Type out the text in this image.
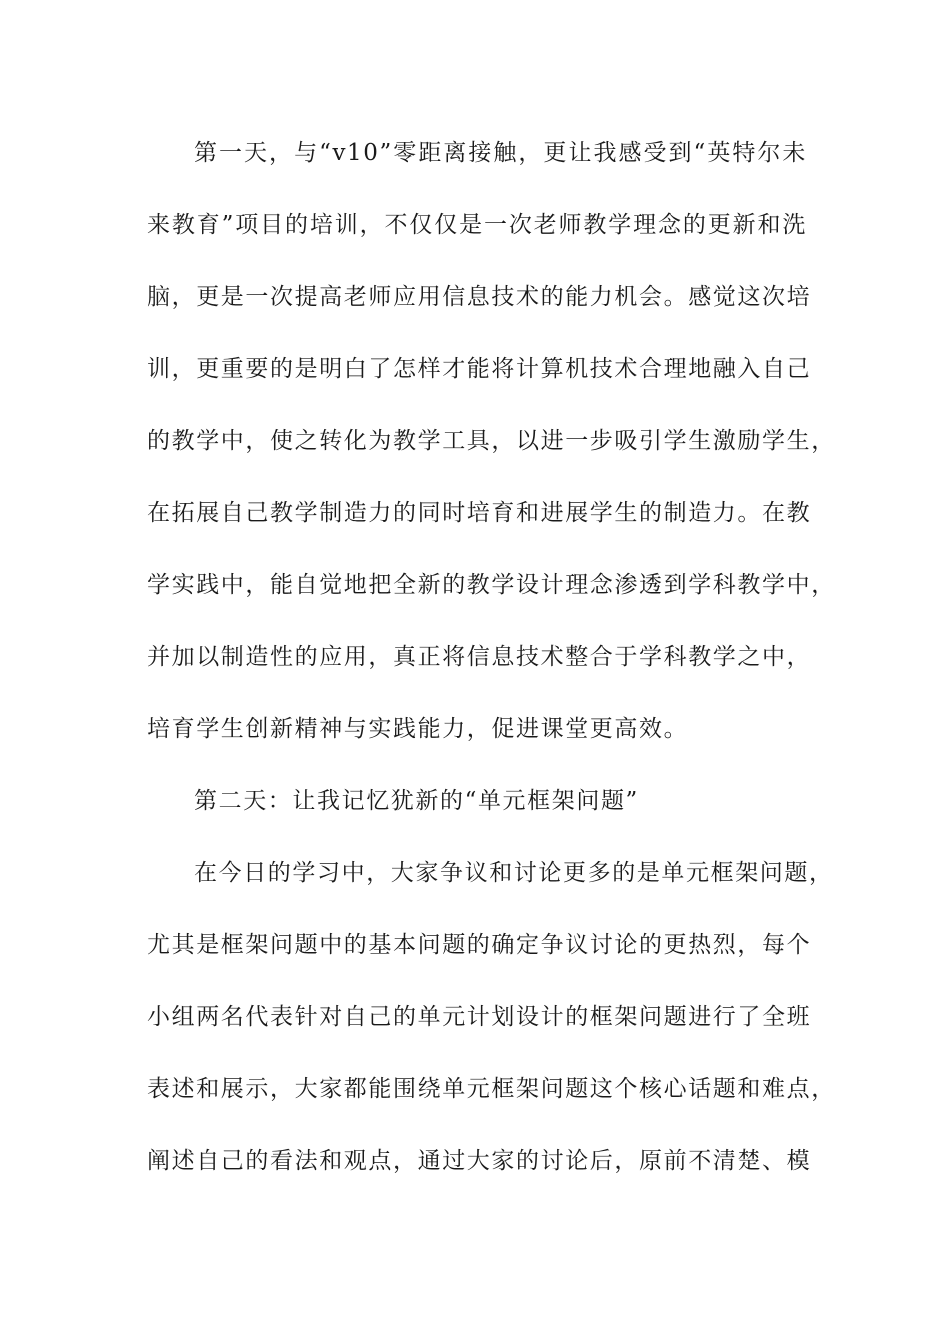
第一天，与“v10”零距离接触，更让我感受到“英特尔未
来教育”项目的培训，不仅仅是一次老师教学理念的更新和洗
脑，更是一次提高老师应用信息技术的能力机会。感觉这次培
训，更重要的是明白了怎样才能将计算机技术合理地融入自己
的教学中，使之转化为教学工具，以进一步吸引学生激励学生，
在拓展自己教学制造力的同时培育和进展学生的制造力。在教
学实践中，能自觉地把全新的教学设计理念渗透到学科教学中，
并加以制造性的应用，真正将信息技术整合于学科教学之中，
培育学生创新精神与实践能力，促进课堂更高效。
第二天：让我记忆犹新的“单元框架问题”
在今日的学习中，大家争议和讨论更多的是单元框架问题，
尤其是框架问题中的基本问题的确定争议讨论的更热烈，每个
小组两名代表针对自己的单元计划设计的框架问题进行了全班
表述和展示，大家都能围绕单元框架问题这个核心话题和难点，
阐述自己的看法和观点，通过大家的讨论后，原前不清楚、模
